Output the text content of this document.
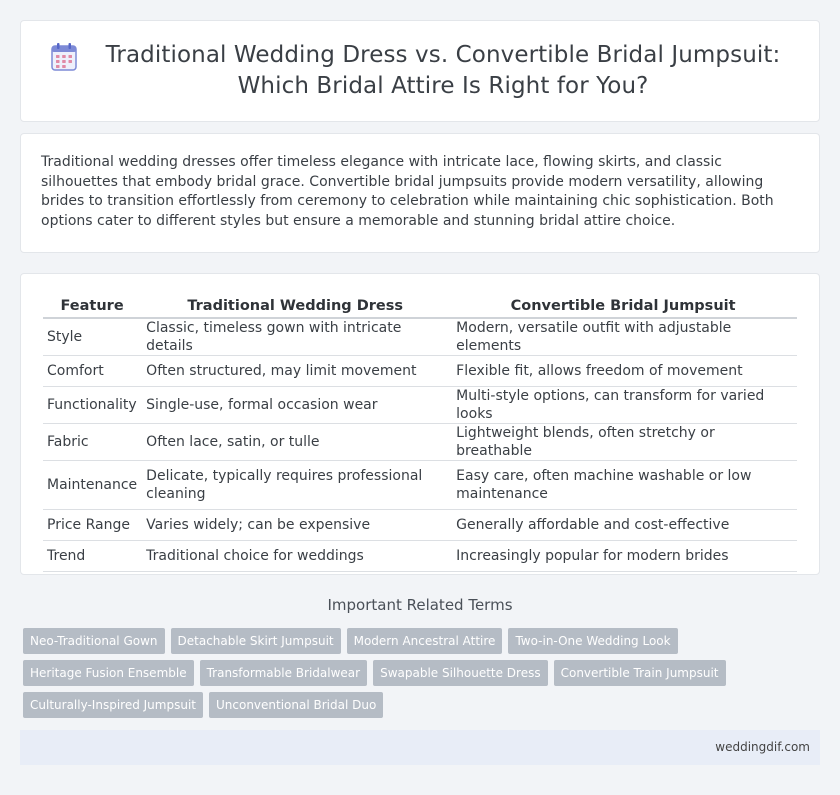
Traditional Wedding Dress vs. Convertible Bridal Jumpsuit: Which Bridal Attire Is Right for You?

Traditional wedding dresses offer timeless elegance with intricate lace, flowing skirts, and classic silhouettes that embody bridal grace. Convertible bridal jumpsuits provide modern versatility, allowing brides to transition effortlessly from ceremony to celebration while maintaining chic sophistication. Both options cater to different styles but ensure a memorable and stunning bridal attire choice.

Feature	Traditional Wedding Dress	Convertible Bridal Jumpsuit
Style	Classic, timeless gown with intricate details	Modern, versatile outfit with adjustable elements
Comfort	Often structured, may limit movement	Flexible fit, allows freedom of movement
Functionality	Single-use, formal occasion wear	Multi-style options, can transform for varied looks
Fabric	Often lace, satin, or tulle	Lightweight blends, often stretchy or breathable
Maintenance	Delicate, typically requires professional cleaning	Easy care, often machine washable or low maintenance
Price Range	Varies widely; can be expensive	Generally affordable and cost-effective
Trend	Traditional choice for weddings	Increasingly popular for modern brides
Important Related Terms
Neo-Traditional Gown	Detachable Skirt Jumpsuit	Modern Ancestral Attire	Two-in-One Wedding Look
Heritage Fusion Ensemble	Transformable Bridalwear	Swapable Silhouette Dress	Convertible Train Jumpsuit
Culturally-Inspired Jumpsuit	Unconventional Bridal Duo
weddingdif.com
